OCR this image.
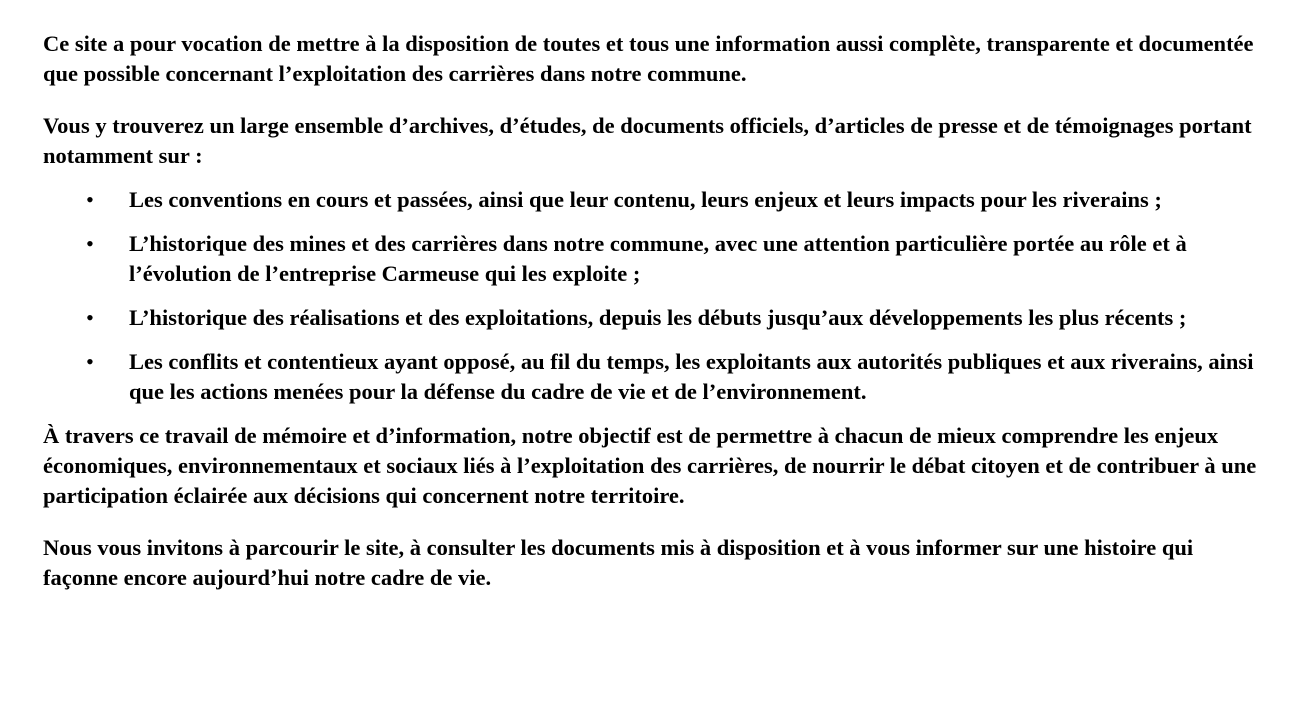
Ce site a pour vocation de mettre à la disposition de toutes et tous une information aussi complète, transparente et documentée que possible concernant l’exploitation des carrières dans notre commune.

Vous y trouverez un large ensemble d’archives, d’études, de documents officiels, d’articles de presse et de témoignages portant notamment sur :

• Les conventions en cours et passées, ainsi que leur contenu, leurs enjeux et leurs impacts pour les riverains ;
• L’historique des mines et des carrières dans notre commune, avec une attention particulière portée au rôle et à l’évolution de l’entreprise Carmeuse qui les exploite ;
• L’historique des réalisations et des exploitations, depuis les débuts jusqu’aux développements les plus récents ;
• Les conflits et contentieux ayant opposé, au fil du temps, les exploitants aux autorités publiques et aux riverains, ainsi que les actions menées pour la défense du cadre de vie et de l’environnement.

À travers ce travail de mémoire et d’information, notre objectif est de permettre à chacun de mieux comprendre les enjeux économiques, environnementaux et sociaux liés à l’exploitation des carrières, de nourrir le débat citoyen et de contribuer à une participation éclairée aux décisions qui concernent notre territoire.

Nous vous invitons à parcourir le site, à consulter les documents mis à disposition et à vous informer sur une histoire qui façonne encore aujourd’hui notre cadre de vie.
